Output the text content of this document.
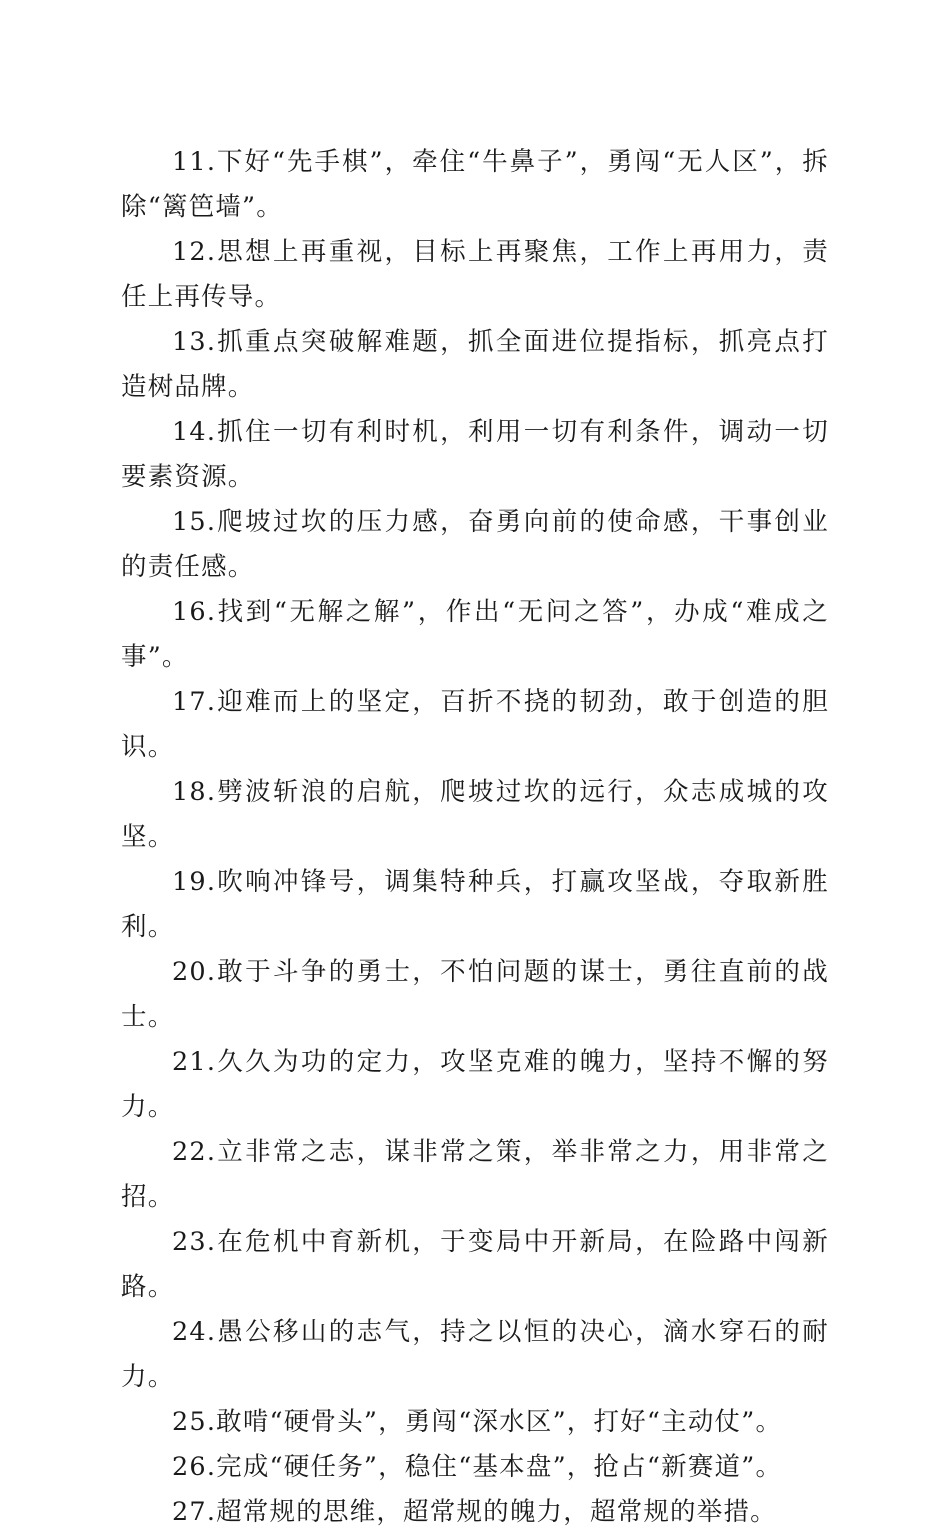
11.下好“先手棋”，牵住“牛鼻子”，勇闯“无人区”，拆除“篱笆墙”。

12.思想上再重视，目标上再聚焦，工作上再用力，责任上再传导。

13.抓重点突破解难题，抓全面进位提指标，抓亮点打造树品牌。

14.抓住一切有利时机，利用一切有利条件，调动一切要素资源。

15.爬坡过坎的压力感，奋勇向前的使命感，干事创业的责任感。

16.找到“无解之解”，作出“无问之答”，办成“难成之事”。

17.迎难而上的坚定，百折不挠的韧劲，敢于创造的胆识。

18.劈波斩浪的启航，爬坡过坎的远行，众志成城的攻坚。

19.吹响冲锋号，调集特种兵，打赢攻坚战，夺取新胜利。

20.敢于斗争的勇士，不怕问题的谋士，勇往直前的战士。

21.久久为功的定力，攻坚克难的魄力，坚持不懈的努力。

22.立非常之志，谋非常之策，举非常之力，用非常之招。

23.在危机中育新机，于变局中开新局，在险路中闯新路。

24.愚公移山的志气，持之以恒的决心，滴水穿石的耐力。

25.敢啃“硬骨头”，勇闯“深水区”，打好“主动仗”。

26.完成“硬任务”，稳住“基本盘”，抢占“新赛道”。

27.超常规的思维，超常规的魄力，超常规的举措。
